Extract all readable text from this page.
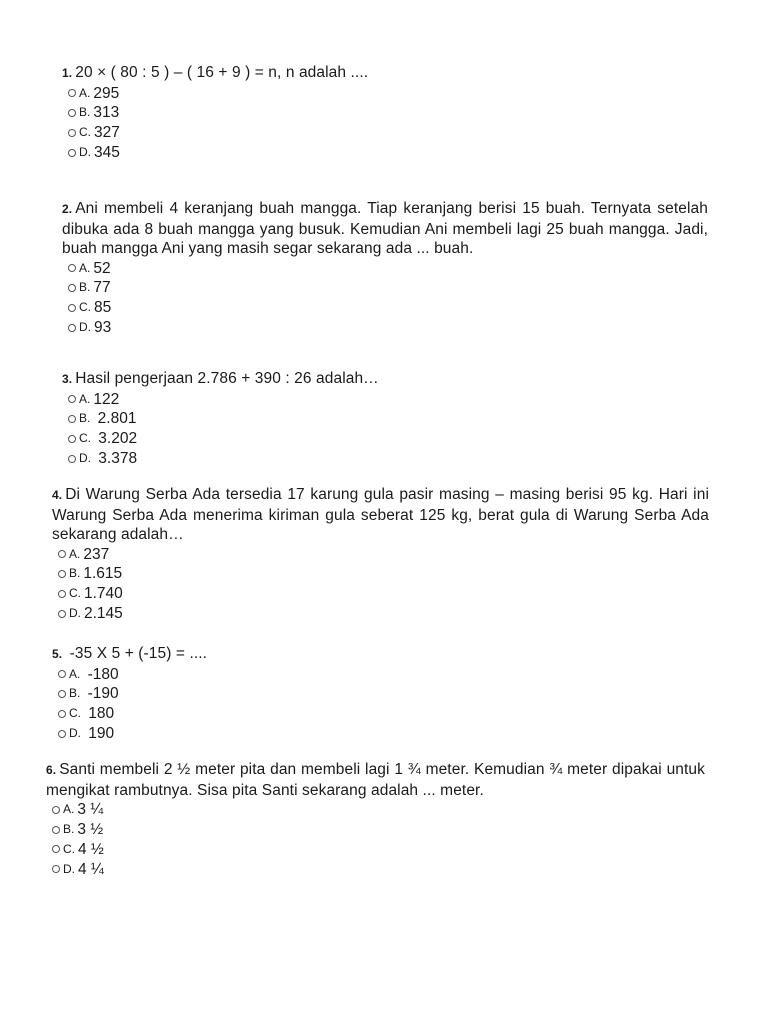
1. 20 × ( 80 : 5 ) – ( 16 + 9 ) = n, n adalah ....
A. 295
B. 313
C. 327
D. 345
2. Ani membeli 4 keranjang buah mangga. Tiap keranjang berisi 15 buah. Ternyata setelah dibuka ada 8 buah mangga yang busuk. Kemudian Ani membeli lagi 25 buah mangga. Jadi, buah mangga Ani yang masih segar sekarang ada ... buah.
A. 52
B. 77
C. 85
D. 93
3. Hasil pengerjaan 2.786 + 390 : 26 adalah…
A. 122
B. 2.801
C. 3.202
D. 3.378
4. Di Warung Serba Ada tersedia 17 karung gula pasir masing – masing berisi 95 kg. Hari ini Warung Serba Ada menerima kiriman gula seberat 125 kg, berat gula di Warung Serba Ada sekarang adalah…
A. 237
B. 1.615
C. 1.740
D. 2.145
5. -35 X 5 + (-15) = ....
A. -180
B. -190
C. 180
D. 190
6. Santi membeli 2 ½ meter pita dan membeli lagi 1 ¾ meter. Kemudian ¾ meter dipakai untuk mengikat rambutnya. Sisa pita Santi sekarang adalah ... meter.
A. 3 ¼
B. 3 ½
C. 4 ½
D. 4 ¼
